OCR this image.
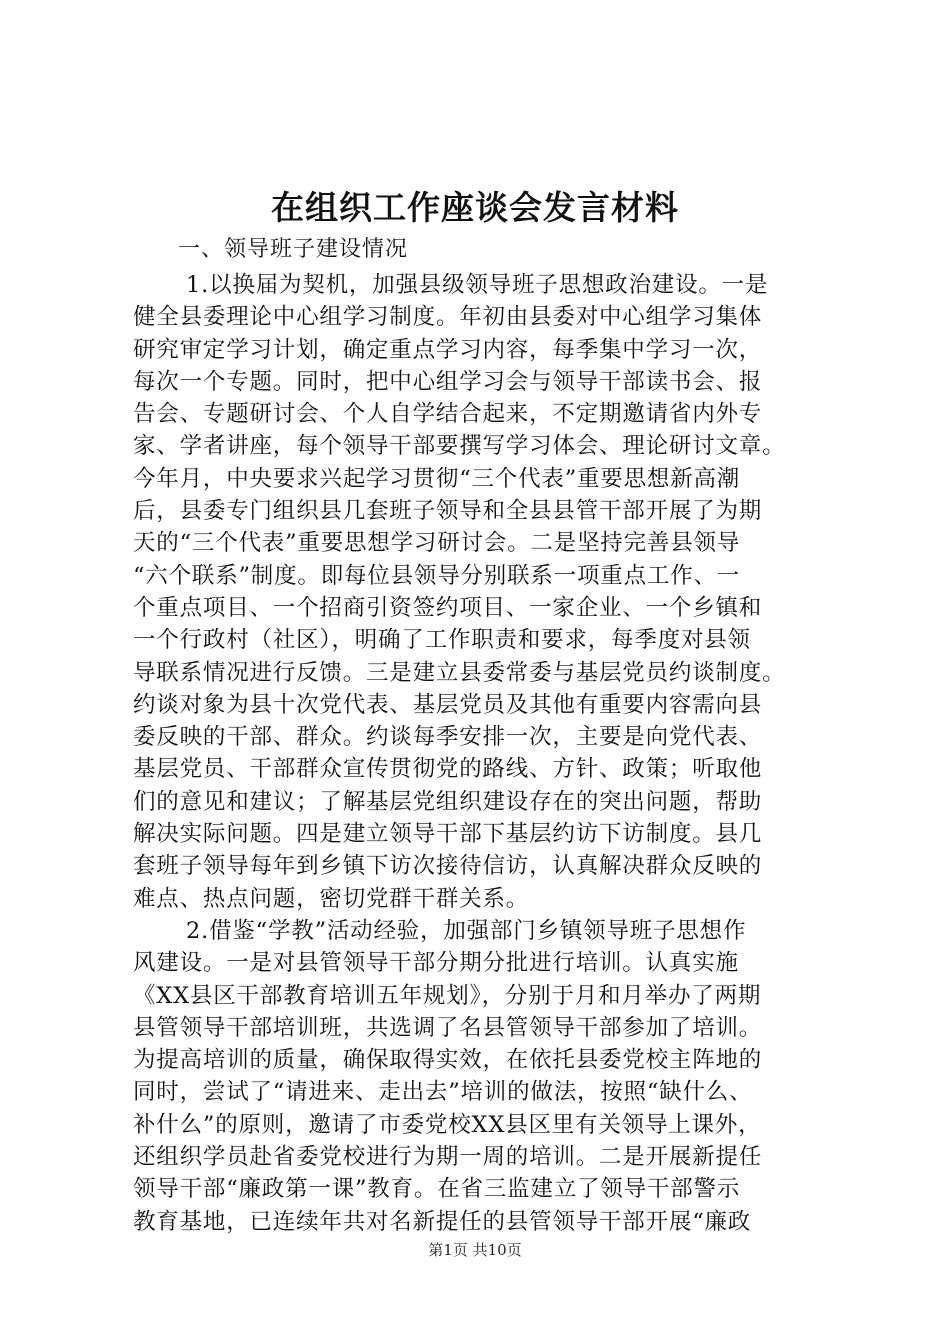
在组织工作座谈会发言材料
一、领导班子建设情况
1.以换届为契机，加强县级领导班子思想政治建设。一是
健全县委理论中心组学习制度。年初由县委对中心组学习集体
研究审定学习计划，确定重点学习内容，每季集中学习一次，
每次一个专题。同时，把中心组学习会与领导干部读书会、报
告会、专题研讨会、个人自学结合起来，不定期邀请省内外专
家、学者讲座，每个领导干部要撰写学习体会、理论研讨文章。
今年月，中央要求兴起学习贯彻“三个代表”重要思想新高潮
后，县委专门组织县几套班子领导和全县县管干部开展了为期
天的“三个代表”重要思想学习研讨会。二是坚持完善县领导
“六个联系”制度。即每位县领导分别联系一项重点工作、一
个重点项目、一个招商引资签约项目、一家企业、一个乡镇和
一个行政村（社区），明确了工作职责和要求，每季度对县领
导联系情况进行反馈。三是建立县委常委与基层党员约谈制度。
约谈对象为县十次党代表、基层党员及其他有重要内容需向县
委反映的干部、群众。约谈每季安排一次，主要是向党代表、
基层党员、干部群众宣传贯彻党的路线、方针、政策；听取他
们的意见和建议；了解基层党组织建设存在的突出问题，帮助
解决实际问题。四是建立领导干部下基层约访下访制度。县几
套班子领导每年到乡镇下访次接待信访，认真解决群众反映的
难点、热点问题，密切党群干群关系。
2.借鉴“学教”活动经验，加强部门乡镇领导班子思想作
风建设。一是对县管领导干部分期分批进行培训。认真实施
《XX县区干部教育培训五年规划》，分别于月和月举办了两期
县管领导干部培训班，共选调了名县管领导干部参加了培训。
为提高培训的质量，确保取得实效，在依托县委党校主阵地的
同时，尝试了“请进来、走出去”培训的做法，按照“缺什么、
补什么”的原则，邀请了市委党校XX县区里有关领导上课外，
还组织学员赴省委党校进行为期一周的培训。二是开展新提任
领导干部“廉政第一课”教育。在省三监建立了领导干部警示
教育基地，已连续年共对名新提任的县管领导干部开展“廉政
第1页 共10页
